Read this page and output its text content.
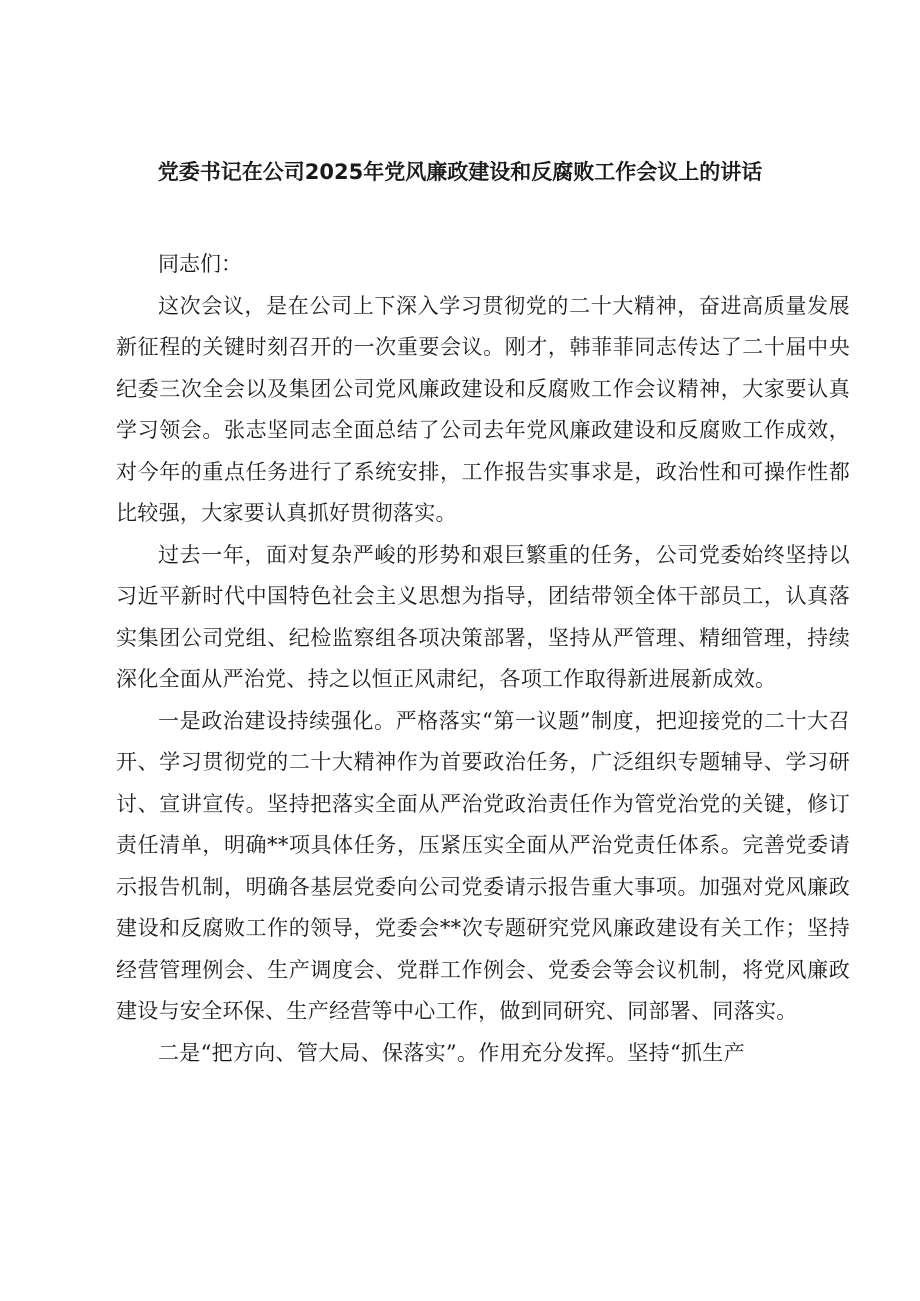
党委书记在公司2025年党风廉政建设和反腐败工作会议上的讲话

同志们：

这次会议，是在公司上下深入学习贯彻党的二十大精神，奋进高质量发展新征程的关键时刻召开的一次重要会议。刚才，韩菲菲同志传达了二十届中央纪委三次全会以及集团公司党风廉政建设和反腐败工作会议精神，大家要认真学习领会。张志坚同志全面总结了公司去年党风廉政建设和反腐败工作成效，对今年的重点任务进行了系统安排，工作报告实事求是，政治性和可操作性都比较强，大家要认真抓好贯彻落实。

过去一年，面对复杂严峻的形势和艰巨繁重的任务，公司党委始终坚持以习近平新时代中国特色社会主义思想为指导，团结带领全体干部员工，认真落实集团公司党组、纪检监察组各项决策部署，坚持从严管理、精细管理，持续深化全面从严治党、持之以恒正风肃纪，各项工作取得新进展新成效。

一是政治建设持续强化。严格落实“第一议题”制度，把迎接党的二十大召开、学习贯彻党的二十大精神作为首要政治任务，广泛组织专题辅导、学习研讨、宣讲宣传。坚持把落实全面从严治党政治责任作为管党治党的关键，修订责任清单，明确**项具体任务，压紧压实全面从严治党责任体系。完善党委请示报告机制，明确各基层党委向公司党委请示报告重大事项。加强对党风廉政建设和反腐败工作的领导，党委会**次专题研究党风廉政建设有关工作；坚持经营管理例会、生产调度会、党群工作例会、党委会等会议机制，将党风廉政建设与安全环保、生产经营等中心工作，做到同研究、同部署、同落实。

二是“把方向、管大局、保落实”。作用充分发挥。坚持“抓生产
